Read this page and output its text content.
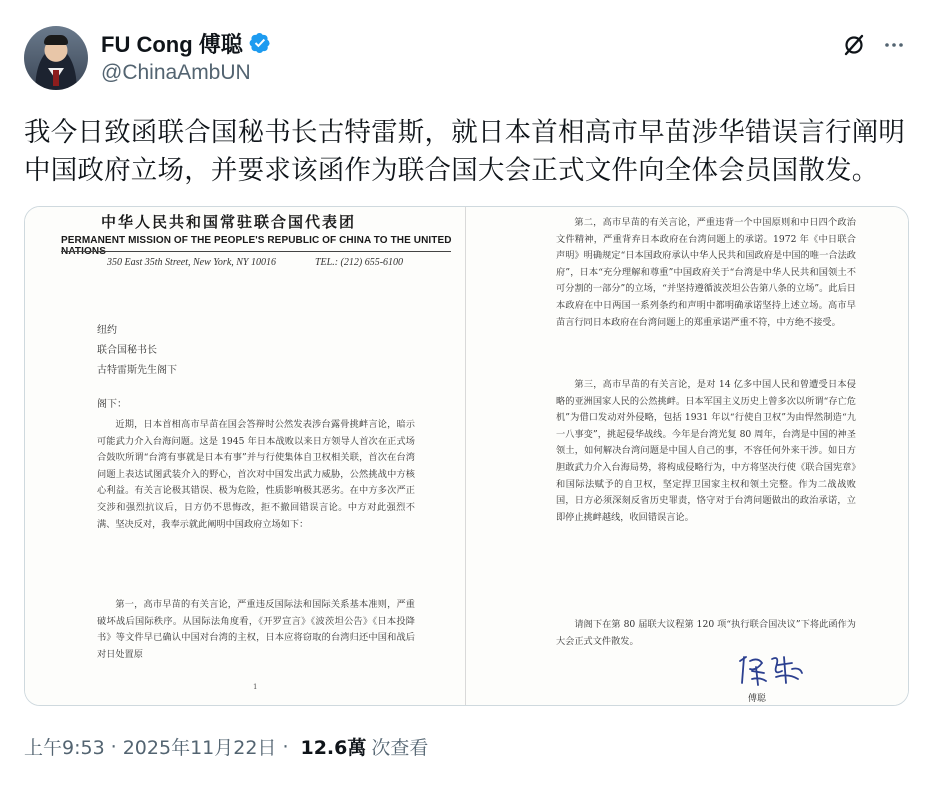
FU Cong 傅聪
@ChinaAmbUN
我今日致函联合国秘书长古特雷斯，就日本首相高市早苗涉华错误言行阐明
中国政府立场，并要求该函作为联合国大会正式文件向全体会员国散发。
中华人民共和国常驻联合国代表团
PERMANENT MISSION OF THE PEOPLE'S REPUBLIC OF CHINA TO THE UNITED
350 East 35th Street, New York, NY 10016	TEL.: (212) 655-6100
纽约
联合国秘书长
古特雷斯先生阁下
阁下：
近期，日本首相高市早苗在国会答辩时公然发表涉台露骨挑衅言论，暗示可能武力介入台海问题。这是 1945 年日本战败以来日方领导人首次在正式场合鼓吹所谓“台湾有事就是日本有事”并与行使集体自卫权相关联，首次在台湾问题上表达试图武装介入的野心，首次对中国发出武力威胁，公然挑战中方核心利益。有关言论极其错误、极为危险，性质影响极其恶劣。在中方多次严正交涉和强烈抗议后，日方仍不思悔改，拒不撤回错误言论。中方对此强烈不满、坚决反对，我奉示就此阐明中国政府立场如下：
第一，高市早苗的有关言论，严重违反国际法和国际关系基本准则，严重破坏战后国际秩序。从国际法角度看，《开罗宣言》《波茨坦公告》《日本投降书》等文件早已确认中国对台湾的主权，日本应将窃取的台湾归还中国和战后对日处置原
1
第二，高市早苗的有关言论，严重违背一个中国原则和中日四个政治文件精神，严重背弃日本政府在台湾问题上的承诺。1972 年《中日联合声明》明确规定“日本国政府承认中华人民共和国政府是中国的唯一合法政府”，日本“充分理解和尊重”中国政府关于“台湾是中华人民共和国领土不可分割的一部分”的立场，“并坚持遵循波茨坦公告第八条的立场”。此后日本政府在中日两国一系列条约和声明中都明确承诺坚持上述立场。高市早苗言行同日本政府在台湾问题上的郑重承诺严重不符，中方绝不接受。
第三，高市早苗的有关言论，是对 14 亿多中国人民和曾遭受日本侵略的亚洲国家人民的公然挑衅。日本军国主义历史上曾多次以所谓“存亡危机”为借口发动对外侵略，包括 1931 年以“行使自卫权”为由悍然制造“九一八事变”，挑起侵华战线。今年是台湾光复 80 周年，台湾是中国的神圣领土，如何解决台湾问题是中国人自己的事，不容任何外来干涉。如日方胆敢武力介入台海局势，将构成侵略行为，中方将坚决行使《联合国宪章》和国际法赋予的自卫权，坚定捍卫国家主权和领土完整。作为二战战败国，日方必须深刻反省历史罪责，恪守对于台湾问题做出的政治承诺，立即停止挑衅越线，收回错误言论。
请阁下在第 80 届联大议程第 120 项“执行联合国决议”下将此函作为大会正式文件散发。
傅聪
上午9:53 · 2025年11月22日 · 12.6萬 次查看
